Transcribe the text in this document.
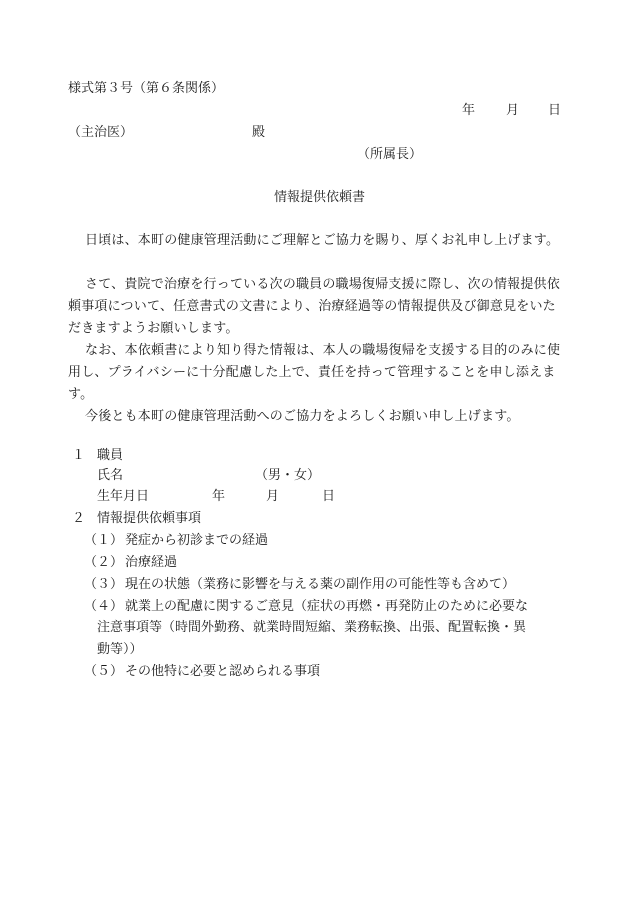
様式第３号（第６条関係）
年 月 日
（主治医）	殿
（所属長）
情報提供依頼書
日頃は、本町の健康管理活動にご理解とご協力を賜り、厚くお礼申し上げます。
さて、貴院で治療を行っている次の職員の職場復帰支援に際し、次の情報提供依頼事項について、任意書式の文書により、治療経過等の情報提供及び御意見をいただきますようお願いします。
なお、本依頼書により知り得た情報は、本人の職場復帰を支援する目的のみに使用し、プライバシーに十分配慮した上で、責任を持って管理することを申し添えます。
今後とも本町の健康管理活動へのご協力をよろしくお願い申し上げます。
１ 職員
氏名	（男・女）
生年月日	年	月	日
２ 情報提供依頼事項
（１） 発症から初診までの経過
（２） 治療経過
（３） 現在の状態（業務に影響を与える薬の副作用の可能性等も含めて）
（４） 就業上の配慮に関するご意見（症状の再燃・再発防止のために必要な
注意事項等（時間外勤務、就業時間短縮、業務転換、出張、配置転換・異
動等））
（５） その他特に必要と認められる事項
